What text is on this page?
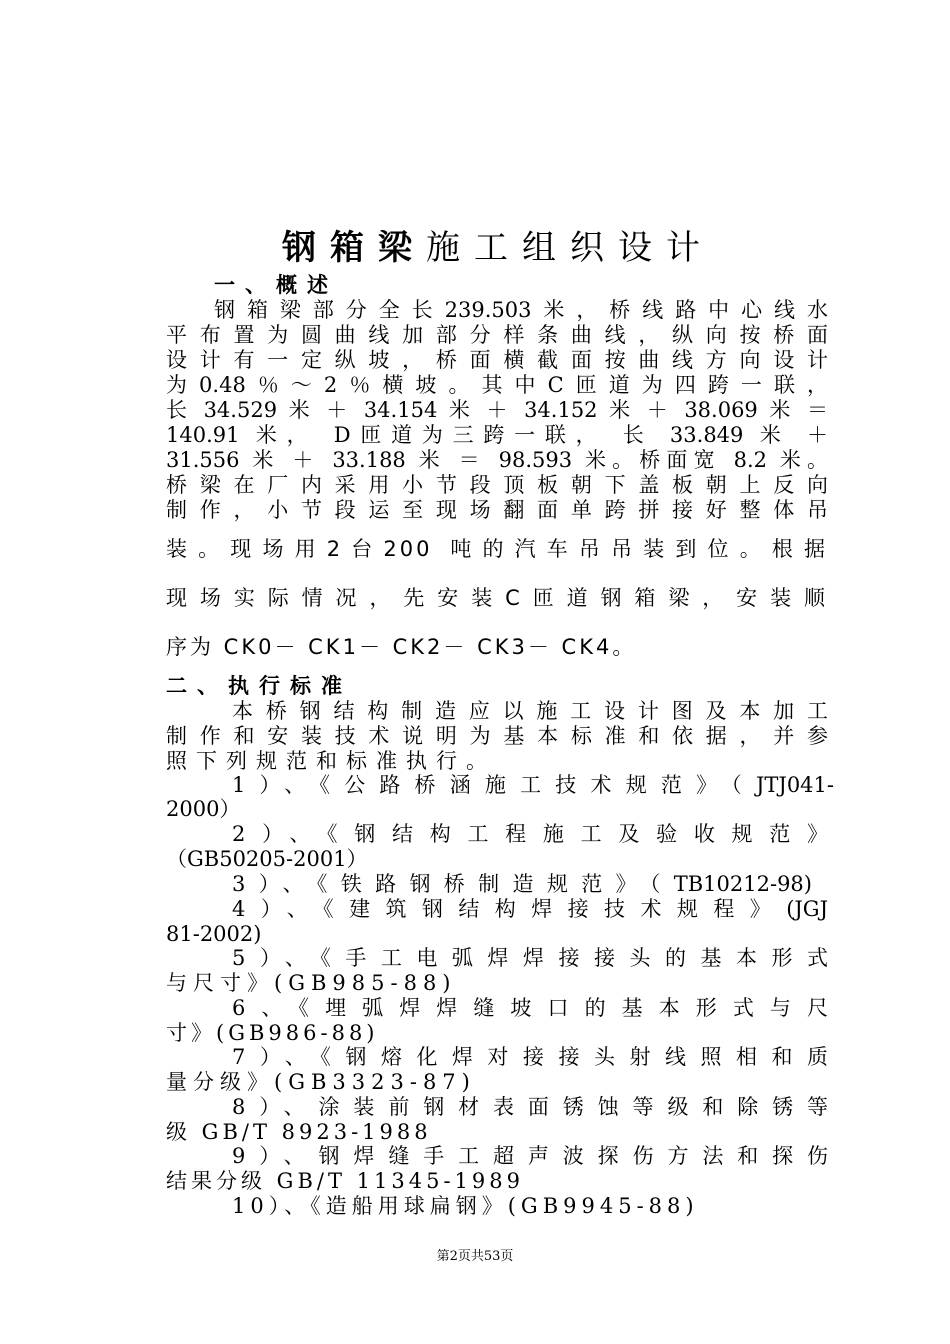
钢箱梁施工组织设计
一、概述
钢箱梁部分全长239.503米，桥线路中心线水
平布置为圆曲线加部分样条曲线，纵向按桥面
设计有一定纵坡，桥面横截面按曲线方向设计
为0.48％～2％横坡。其中C匝道为四跨一联，
长 34.529 米 ＋ 34.154 米 ＋ 34.152 米 ＋ 38.069 米 ＝
140.91 米， D匝道为三跨一联， 长 33.849 米 ＋
31.556 米 ＋ 33.188 米 ＝ 98.593 米。桥面宽 8.2 米。
桥梁在厂内采用小节段顶板朝下盖板朝上反向
制作，小节段运至现场翻面单跨拼接好整体吊
装。现场用2台200 吨的汽车吊吊装到位。根据
现场实际情况，先安装C匝道钢箱梁，安装顺
序为 CK0－ CK1－ CK2－ CK3－ CK4。
二、执行标准
本桥钢结构制造应以施工设计图及本加工
制作和安装技术说明为基本标准和依据，并参
照下列规范和标准执行。
1）、《公路桥涵施工技术规范》（JTJ041-
2000）
2）、《钢结构工程施工及验收规范》
（GB50205-2001）
3）、《铁路钢桥制造规范》（TB10212-98)
4）、《建筑钢结构焊接技术规程》(JGJ
81-2002)
5）、《手工电弧焊焊接接头的基本形式
与尺寸》(GB985-88)
6、《埋弧焊焊缝坡口的基本形式与尺
寸》(GB986-88)
7）、《钢熔化焊对接接头射线照相和质
量分级》(GB3323-87)
8）、涂装前钢材表面锈蚀等级和除锈等
级 GB/T 8923-1988
9）、钢焊缝手工超声波探伤方法和探伤
结果分级 GB/T 11345-1989
10）、《造船用球扁钢》(GB9945-88)
第2页共53页
